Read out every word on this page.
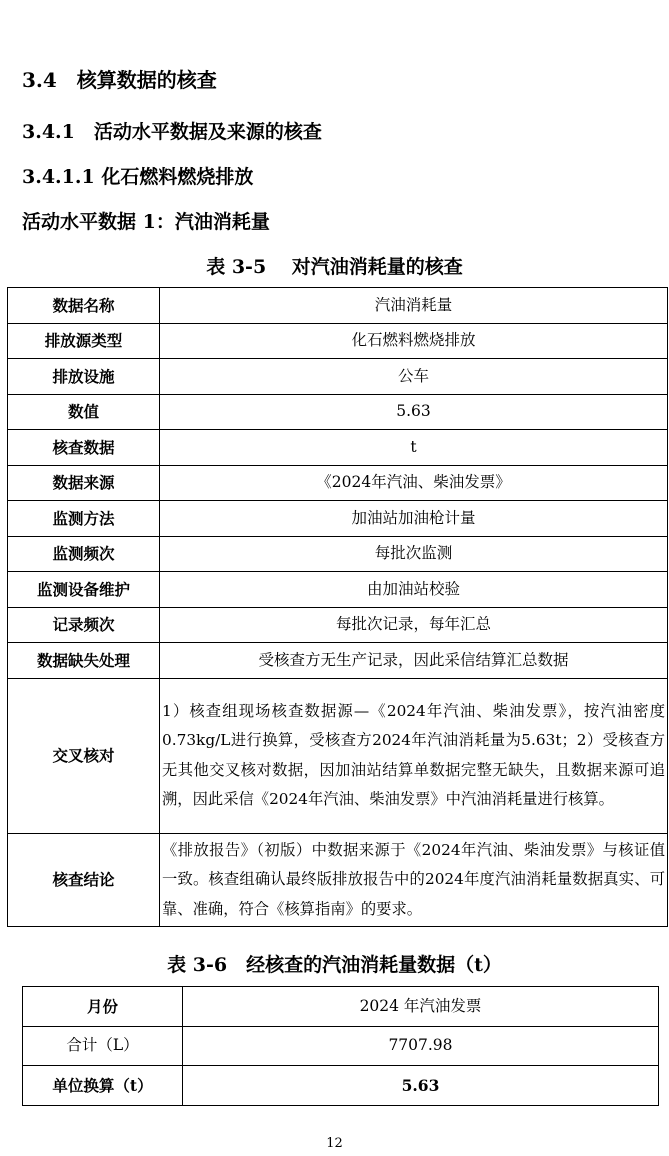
3.4　核算数据的核查
3.4.1　活动水平数据及来源的核查
3.4.1.1 化石燃料燃烧排放
活动水平数据 1：汽油消耗量
表 3-5　 对汽油消耗量的核查
数据名称	汽油消耗量
排放源类型	化石燃料燃烧排放
排放设施	公车
数值	5.63
核查数据	t
数据来源	《2024年汽油、柴油发票》
监测方法	加油站加油枪计量
监测频次	每批次监测
监测设备维护	由加油站校验
记录频次	每批次记录，每年汇总
数据缺失处理	受核查方无生产记录，因此采信结算汇总数据
交叉核对	1）核查组现场核查数据源—《2024年汽油、柴油发票》，按汽油密度0.73kg/L进行换算，受核查方2024年汽油消耗量为5.63t；2）受核查方无其他交叉核对数据，因加油站结算单数据完整无缺失，且数据来源可追溯，因此采信《2024年汽油、柴油发票》中汽油消耗量进行核算。
核查结论	《排放报告》（初版）中数据来源于《2024年汽油、柴油发票》与核证值一致。核查组确认最终版排放报告中的2024年度汽油消耗量数据真实、可靠、准确，符合《核算指南》的要求。
表 3-6　经核查的汽油消耗量数据（t）
月份	2024 年汽油发票
合计（L）	7707.98
单位换算（t）	5.63
12
